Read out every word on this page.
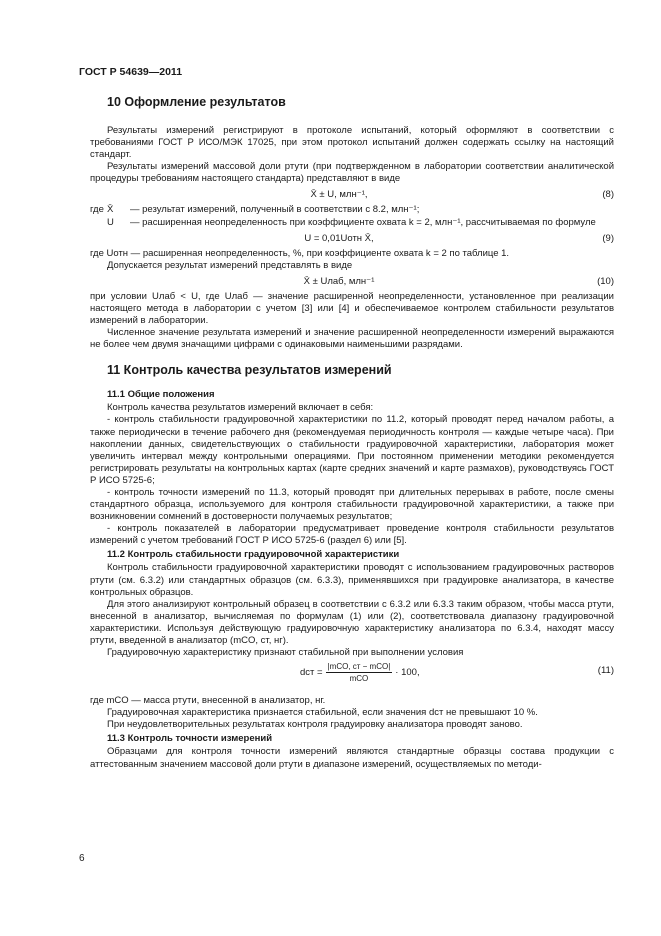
ГОСТ Р 54639—2011
10 Оформление результатов

Результаты измерений регистрируют в протоколе испытаний, который оформляют в соответствии с требованиями ГОСТ Р ИСО/МЭК 17025, при этом протокол испытаний должен содержать ссылку на настоящий стандарт.

Результаты измерений массовой доли ртути (при подтвержденном в лаборатории соответствии аналитической процедуры требованиям настоящего стандарта) представляют в виде

X̄ ± U, млн⁻¹,	(8)
где X̄	— результат измерений, полученный в соответствии с 8.2, млн⁻¹;
U	— расширенная неопределенность при коэффициенте охвата k = 2, млн⁻¹, рассчитываемая по формуле
U = 0,01Uотн X̄,	(9)

где Uотн — расширенная неопределенность, %, при коэффициенте охвата k = 2 по таблице 1.

Допускается результат измерений представлять в виде

X̄ ± Uлаб, млн⁻¹	(10)

при условии Uлаб < U, где Uлаб — значение расширенной неопределенности, установленное при реализации настоящего метода в лаборатории с учетом [3] или [4] и обеспечиваемое контролем стабильности результатов измерений в лаборатории.

Численное значение результата измерений и значение расширенной неопределенности измерений выражаются не более чем двумя значащими цифрами с одинаковыми наименьшими разрядами.

11 Контроль качества результатов измерений
11.1 Общие положения

Контроль качества результатов измерений включает в себя:

- контроль стабильности градуировочной характеристики по 11.2, который проводят перед началом работы, а также периодически в течение рабочего дня (рекомендуемая периодичность контроля — каждые четыре часа). При накоплении данных, свидетельствующих о стабильности градуировочной характеристики, лаборатория может увеличить интервал между контрольными операциями. При постоянном применении методики рекомендуется регистрировать результаты на контрольных картах (карте средних значений и карте размахов), руководствуясь ГОСТ Р ИСО 5725-6;

- контроль точности измерений по 11.3, который проводят при длительных перерывах в работе, после смены стандартного образца, используемого для контроля стабильности градуировочной характеристики, а также при возникновении сомнений в достоверности получаемых результатов;

- контроль показателей в лаборатории предусматривает проведение контроля стабильности результатов измерений с учетом требований ГОСТ Р ИСО 5725-6 (раздел 6) или [5].

11.2 Контроль стабильности градуировочной характеристики

Контроль стабильности градуировочной характеристики проводят с использованием градуировочных растворов ртути (см. 6.3.2) или стандартных образцов (см. 6.3.3), применявшихся при градуировке анализатора, в качестве контрольных образцов.

Для этого анализируют контрольный образец в соответствии с 6.3.2 или 6.3.3 таким образом, чтобы масса ртути, внесенной в анализатор, вычисляемая по формулам (1) или (2), соответствовала диапазону градуировочной характеристики. Используя действующую градуировочную характеристику анализатора по 6.3.4, находят массу ртути, введенной в анализатор (mCO, ст, нг).

Градуировочную характеристику признают стабильной при выполнении условия

dст = $\frac{\text{|mCO, ст − mCO|}}{\text{mCO}} \cdot 100$,	(11)

где mCO — масса ртути, внесенной в анализатор, нг.

Градуировочная характеристика признается стабильной, если значения dст не превышают 10 %.

При неудовлетворительных результатах контроля градуировку анализатора проводят заново.

11.3 Контроль точности измерений

Образцами для контроля точности измерений являются стандартные образцы состава продукции с аттестованным значением массовой доли ртути в диапазоне измерений, осуществляемых по методи-

6
